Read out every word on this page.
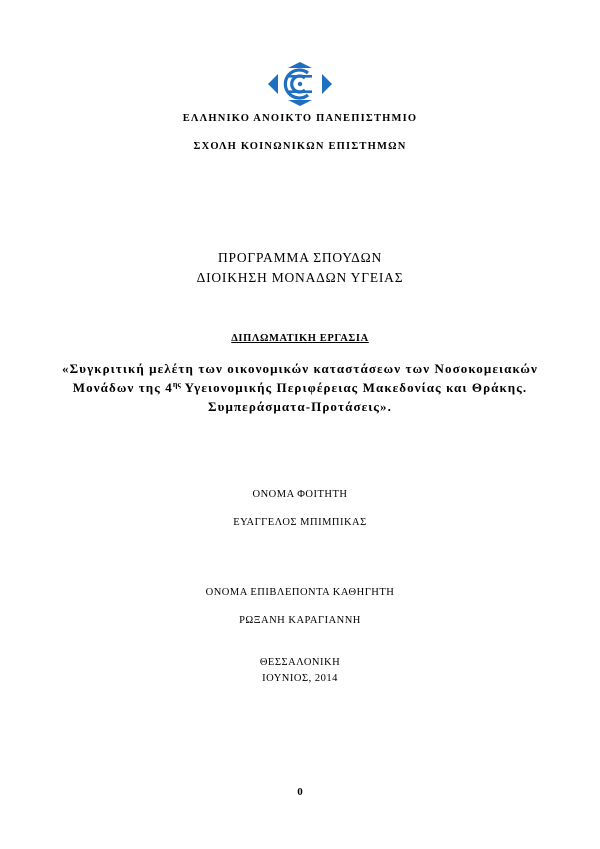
ΕΛΛΗΝΙΚΟ ΑΝΟΙΚΤΟ ΠΑΝΕΠΙΣΤΗΜΙΟ
ΣΧΟΛΗ ΚΟΙΝΩΝΙΚΩΝ ΕΠΙΣΤΗΜΩΝ
ΠΡΟΓΡΑΜΜΑ ΣΠΟΥΔΩΝ
ΔΙΟΙΚΗΣΗ ΜΟΝΑΔΩΝ ΥΓΕΙΑΣ
ΔΙΠΛΩΜΑΤΙΚΗ ΕΡΓΑΣΙΑ
«Συγκριτική μελέτη των οικονομικών καταστάσεων των Νοσοκομειακών
Μονάδων της $4^{\eta\varsigma}$ Υγειονομικής Περιφέρειας Μακεδονίας και Θράκης.
Συμπεράσματα-Προτάσεις».
ΟΝΟΜΑ ΦΟΙΤΗΤΗ
ΕΥΑΓΓΕΛΟΣ ΜΠΙΜΠΙΚΑΣ
ΟΝΟΜΑ ΕΠΙΒΛΕΠΟΝΤΑ ΚΑΘΗΓΗΤΗ
ΡΩΞΑΝΗ ΚΑΡΑΓΙΑΝΝΗ
ΘΕΣΣΑΛΟΝΙΚΗ
ΙΟΥΝΙΟΣ, 2014
0
